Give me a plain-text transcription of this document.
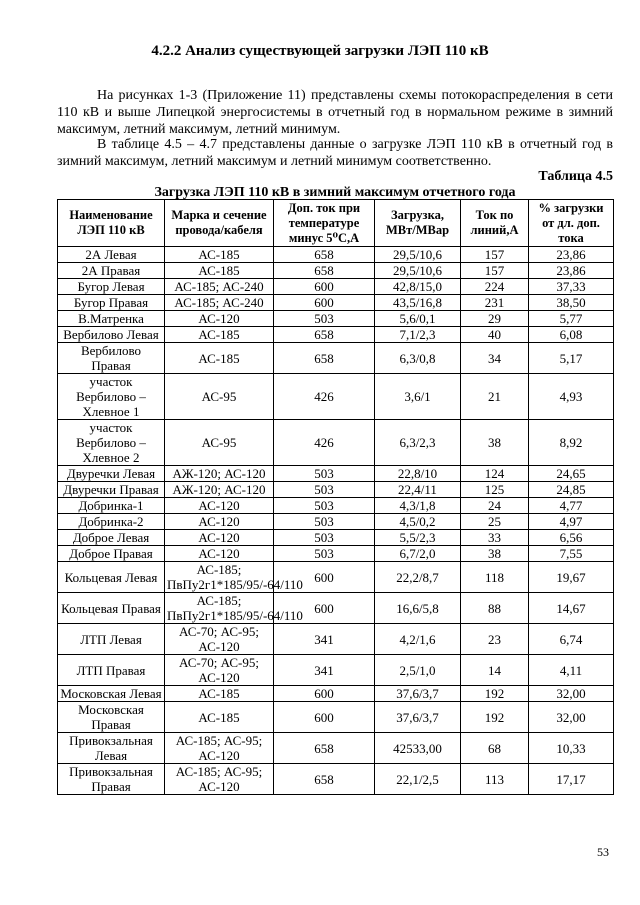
4.2.2 Анализ существующей загрузки ЛЭП 110 кВ
На рисунках 1-3 (Приложение 11) представлены схемы потокораспределения в сети 110 кВ и выше Липецкой энергосистемы в отчетный год в нормальном режиме в зимний максимум, летний максимум, летний минимум.
В таблице 4.5 – 4.7 представлены данные о загрузке ЛЭП 110 кВ в отчетный год в зимний максимум, летний максимум и летний минимум соответственно.
Таблица 4.5
Загрузка ЛЭП 110 кВ в зимний максимум отчетного года
Наименование ЛЭП 110 кВ	Марка и сечение провода/кабеля	Доп. ток при температуре минус 5⁰С,А	Загрузка, МВт/МВар	Ток по линий,А	% загрузки от дл. доп. тока
2А Левая	АС-185	658	29,5/10,6	157	23,86
2А Правая	АС-185	658	29,5/10,6	157	23,86
Бугор Левая	АС-185; АС-240	600	42,8/15,0	224	37,33
Бугор Правая	АС-185; АС-240	600	43,5/16,8	231	38,50
В.Матренка	АС-120	503	5,6/0,1	29	5,77
Вербилово Левая	АС-185	658	7,1/2,3	40	6,08
Вербилово Правая	АС-185	658	6,3/0,8	34	5,17
участок Вербилово – Хлевное 1	АС-95	426	3,6/1	21	4,93
участок Вербилово – Хлевное 2	АС-95	426	6,3/2,3	38	8,92
Двуречки Левая	АЖ-120; АС-120	503	22,8/10	124	24,65
Двуречки Правая	АЖ-120; АС-120	503	22,4/11	125	24,85
Добринка-1	АС-120	503	4,3/1,8	24	4,77
Добринка-2	АС-120	503	4,5/0,2	25	4,97
Доброе Левая	АС-120	503	5,5/2,3	33	6,56
Доброе Правая	АС-120	503	6,7/2,0	38	7,55
Кольцевая Левая	АС-185; ПвПу2г1*185/95/-64/110	600	22,2/8,7	118	19,67
Кольцевая Правая	АС-185; ПвПу2г1*185/95/-64/110	600	16,6/5,8	88	14,67
ЛТП Левая	АС-70; АС-95; АС-120	341	4,2/1,6	23	6,74
ЛТП Правая	АС-70; АС-95; АС-120	341	2,5/1,0	14	4,11
Московская Левая	АС-185	600	37,6/3,7	192	32,00
Московская Правая	АС-185	600	37,6/3,7	192	32,00
Привокзальная Левая	АС-185; АС-95; АС-120	658	42533,00	68	10,33
Привокзальная Правая	АС-185; АС-95; АС-120	658	22,1/2,5	113	17,17
53
